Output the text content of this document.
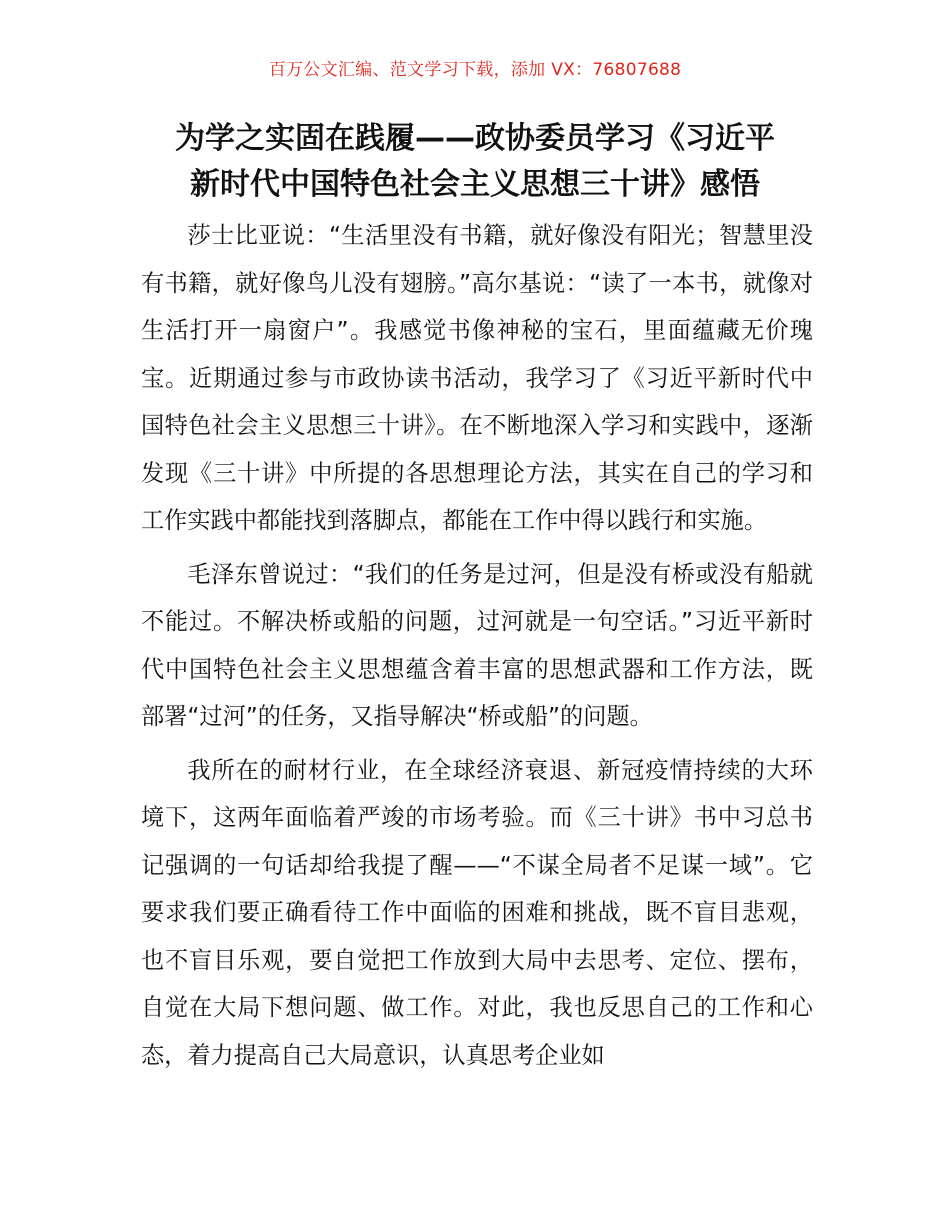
百万公文汇编、范文学习下载，添加 VX：76807688
为学之实固在践履——政协委员学习《习近平
新时代中国特色社会主义思想三十讲》感悟

莎士比亚说：“生活里没有书籍，就好像没有阳光；智慧里没有书籍，就好像鸟儿没有翅膀。”高尔基说：“读了一本书，就像对生活打开一扇窗户”。我感觉书像神秘的宝石，里面蕴藏无价瑰宝。近期通过参与市政协读书活动，我学习了《习近平新时代中国特色社会主义思想三十讲》。在不断地深入学习和实践中，逐渐发现《三十讲》中所提的各思想理论方法，其实在自己的学习和工作实践中都能找到落脚点，都能在工作中得以践行和实施。

毛泽东曾说过：“我们的任务是过河，但是没有桥或没有船就不能过。不解决桥或船的问题，过河就是一句空话。”习近平新时代中国特色社会主义思想蕴含着丰富的思想武器和工作方法，既部署“过河”的任务，又指导解决“桥或船”的问题。

我所在的耐材行业，在全球经济衰退、新冠疫情持续的大环境下，这两年面临着严竣的市场考验。而《三十讲》书中习总书记强调的一句话却给我提了醒——“不谋全局者不足谋一域”。它要求我们要正确看待工作中面临的困难和挑战，既不盲目悲观，也不盲目乐观，要自觉把工作放到大局中去思考、定位、摆布，自觉在大局下想问题、做工作。对此，我也反思自己的工作和心态，着力提高自己大局意识，认真思考企业如
